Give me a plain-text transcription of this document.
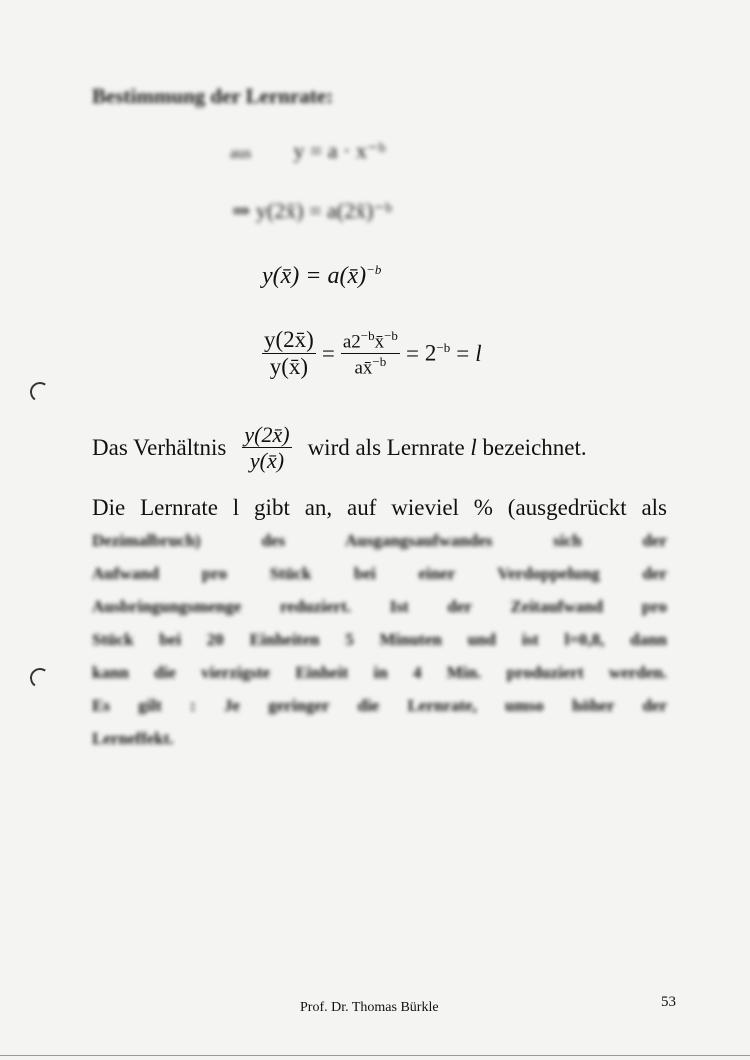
Bestimmung der Lernrate:
aus y = a · x⁻ᵇ
⇒ y(2x̄) = a(2x̄)⁻ᵇ
y(x̄) = a(x̄)$^{-b}$
$\frac{y(2x̄)}{y(x̄)} = \frac{a2^{-b}x̄^{-b}}{ax̄^{-b}} = 2^{-b} = l$
Das Verhältnis $\frac{y(2x̄)}{y(x̄)}$ wird als Lernrate
l
bezeichnet.
Die Lernrate l gibt an, auf wieviel % (ausgedrückt als
Dezimalbruch) des Ausgangsaufwandes sich der
Aufwand pro Stück bei einer Verdoppelung der
Ausbringungsmenge reduziert. Ist der Zeitaufwand pro
Stück bei 20 Einheiten 5 Minuten und ist l=0,8, dann
kann die vierzigste Einheit in 4 Min. produziert werden.
Es gilt : Je geringer die Lernrate, umso höher der
Lerneffekt.
Prof. Dr. Thomas Bürkle	53
